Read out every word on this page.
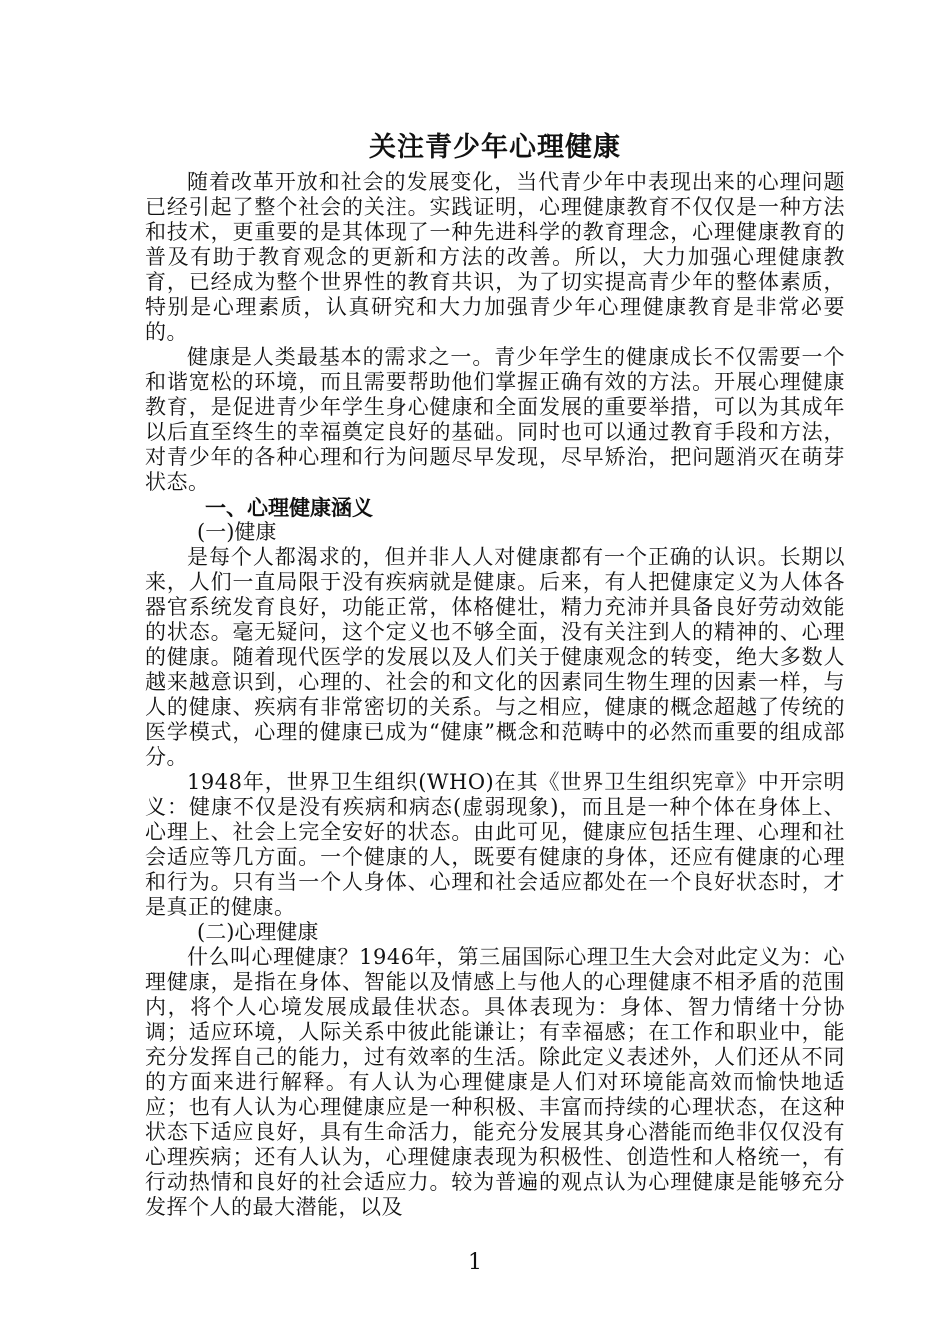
关注青少年心理健康

随着改革开放和社会的发展变化，当代青少年中表现出来的心理问题已经引起了整个社会的关注。实践证明，心理健康教育不仅仅是一种方法和技术，更重要的是其体现了一种先进科学的教育理念，心理健康教育的普及有助于教育观念的更新和方法的改善。所以，大力加强心理健康教育，已经成为整个世界性的教育共识，为了切实提高青少年的整体素质，特别是心理素质，认真研究和大力加强青少年心理健康教育是非常必要的。

健康是人类最基本的需求之一。青少年学生的健康成长不仅需要一个和谐宽松的环境，而且需要帮助他们掌握正确有效的方法。开展心理健康教育，是促进青少年学生身心健康和全面发展的重要举措，可以为其成年以后直至终生的幸福奠定良好的基础。同时也可以通过教育手段和方法，对青少年的各种心理和行为问题尽早发现，尽早矫治，把问题消灭在萌芽状态。

一、心理健康涵义
(一)健康

是每个人都渴求的，但并非人人对健康都有一个正确的认识。长期以来，人们一直局限于没有疾病就是健康。后来，有人把健康定义为人体各器官系统发育良好，功能正常，体格健壮，精力充沛并具备良好劳动效能的状态。毫无疑问，这个定义也不够全面，没有关注到人的精神的、心理的健康。随着现代医学的发展以及人们关于健康观念的转变，绝大多数人越来越意识到，心理的、社会的和文化的因素同生物生理的因素一样，与人的健康、疾病有非常密切的关系。与之相应，健康的概念超越了传统的医学模式，心理的健康已成为“健康”概念和范畴中的必然而重要的组成部分。

1948年，世界卫生组织(WHO)在其《世界卫生组织宪章》中开宗明义：健康不仅是没有疾病和病态(虚弱现象)，而且是一种个体在身体上、心理上、社会上完全安好的状态。由此可见，健康应包括生理、心理和社会适应等几方面。一个健康的人，既要有健康的身体，还应有健康的心理和行为。只有当一个人身体、心理和社会适应都处在一个良好状态时，才是真正的健康。

(二)心理健康

什么叫心理健康？1946年，第三届国际心理卫生大会对此定义为：心理健康，是指在身体、智能以及情感上与他人的心理健康不相矛盾的范围内，将个人心境发展成最佳状态。具体表现为：身体、智力情绪十分协调；适应环境，人际关系中彼此能谦让；有幸福感；在工作和职业中，能充分发挥自己的能力，过有效率的生活。除此定义表述外，人们还从不同的方面来进行解释。有人认为心理健康是人们对环境能高效而愉快地适应；也有人认为心理健康应是一种积极、丰富而持续的心理状态，在这种状态下适应良好，具有生命活力，能充分发展其身心潜能而绝非仅仅没有心理疾病；还有人认为，心理健康表现为积极性、创造性和人格统一，有行动热情和良好的社会适应力。较为普遍的观点认为心理健康是能够充分发挥个人的最大潜能，以及

1
